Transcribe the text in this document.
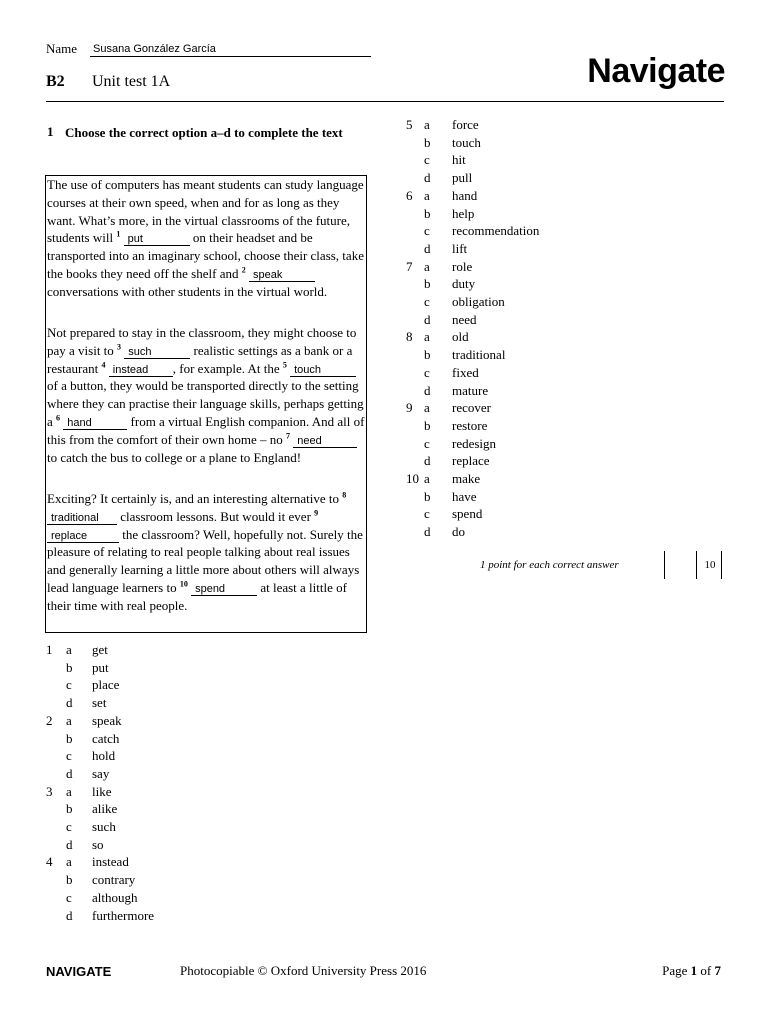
Name Susana González García
B2 Unit test 1A	Navigate
1 Choose the correct option a–d to complete the text
The use of computers has meant students can study language courses at their own speed, when and for as long as they want. What’s more, in the virtual classrooms of the future, students will $^1$ put	on their headset and be transported into an imaginary school, choose their class, take the books they need off the shelf and $^2$ speak conversations with other students in the virtual world.
Not prepared to stay in the classroom, they might choose to pay a visit to $^3$ such	realistic settings as a bank or a restaurant $^4$ instead , for example. At the $^5$ touch of a button, they would be transported directly to the setting where they can practise their language skills, perhaps getting a $^6$ hand	from a virtual English companion. And all of this from the comfort of their own home – no $^7$ need to catch the bus to college or a plane to England!
Exciting? It certainly is, and an interesting alternative to $^8$ traditional classroom lessons. But would it ever $^9$ replace the classroom? Well, hopefully not. Surely the pleasure of relating to real people talking about real issues and generally learning a little more about others will always lead language learners to $^{10}$ spend at least a little of their time with real people.
1	a	get
b	put
c	place
d	set
2	a	speak
b	catch
c	hold
d	say
3	a	like
b	alike
c	such
d	so
4	a	instead
b	contrary
c	although
d	furthermore
5 a	force
b	touch
c	hit
d	pull
6 a	hand
b	help
c	recommendation
d	lift
7 a	role
b	duty
c	obligation
d	need
8 a	old
b	traditional
c	fixed
d	mature
9 a	recover
b	restore
c	redesign
d	replace
10 a	make
b	have
c	spend
d	do
1 point for each correct answer	10
NAVIGATE	Photocopiable © Oxford University Press 2016	Page 1 of 7
